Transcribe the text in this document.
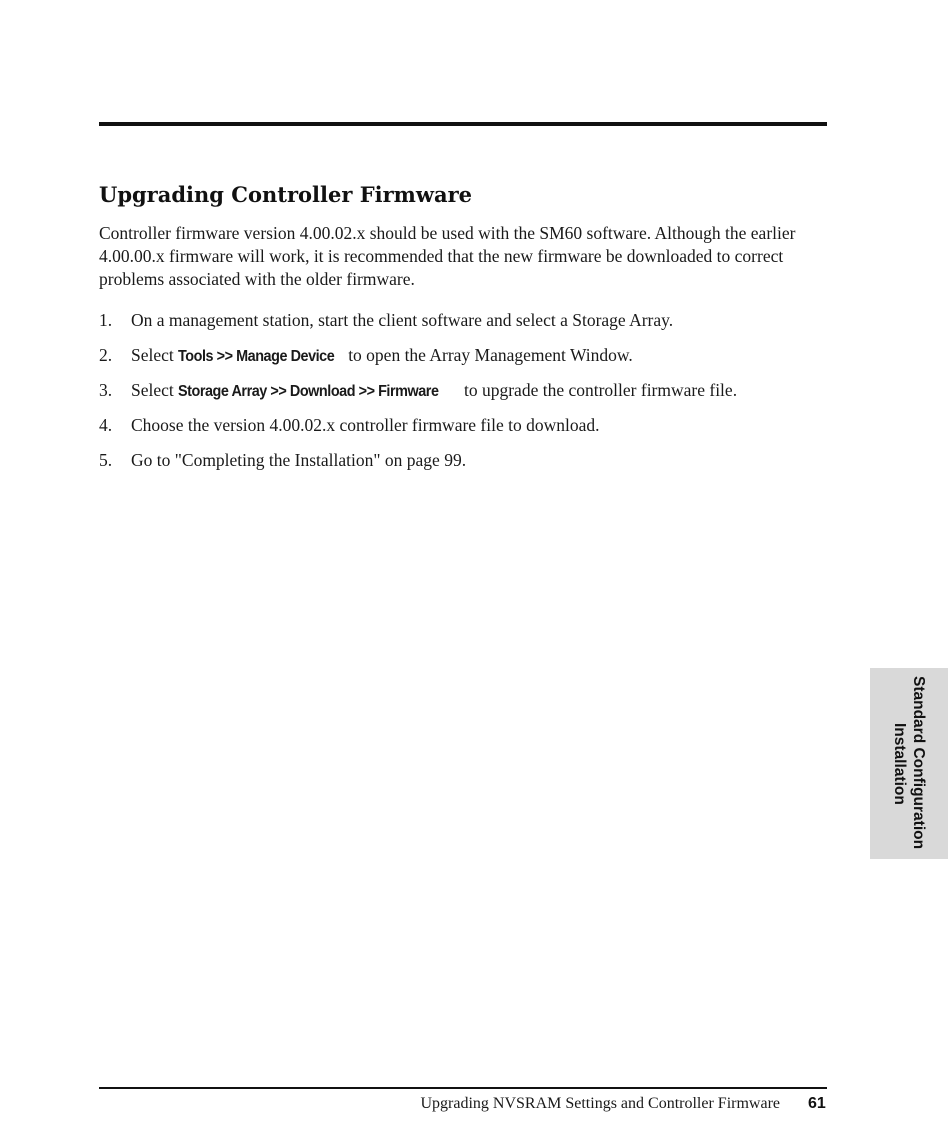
Upgrading Controller Firmware

Controller firmware version 4.00.02.x should be used with the SM60 software. Although the earlier 4.00.00.x firmware will work, it is recommended that the new firmware be downloaded to correct problems associated with the older firmware.

1. On a management station, start the client software and select a Storage Array.
2. Select Tools >> Manage Device to open the Array Management Window.
3. Select Storage Array >> Download >> Firmware to upgrade the controller firmware file.
4. Choose the version 4.00.02.x controller firmware file to download.
5. Go to "Completing the Installation" on page 99.
Standard Configuration
Installation
Upgrading NVSRAM Settings and Controller Firmware 61
